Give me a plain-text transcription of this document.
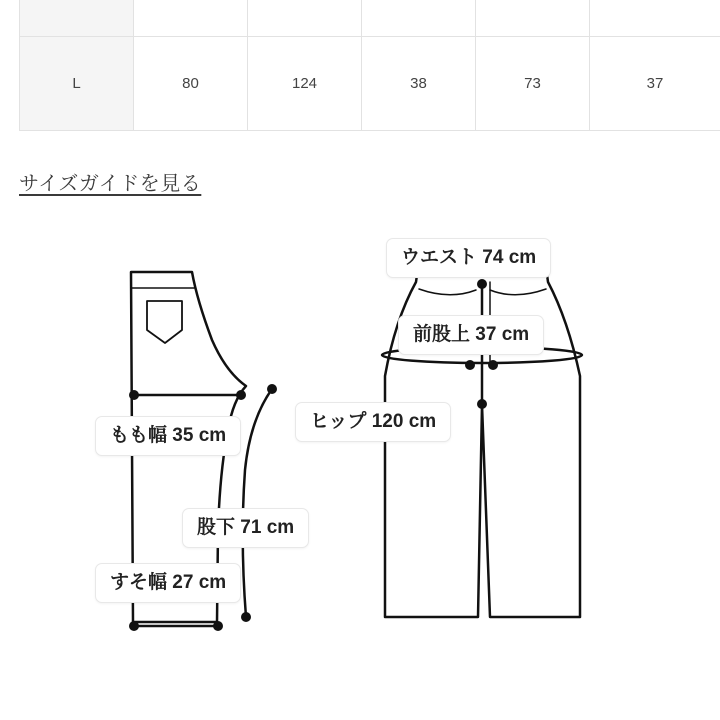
L	80	124	38	73	37
サイズガイドを見る
もも幅 35 cm
股下 71 cm
すそ幅 27 cm
ウエスト 74 cm
前股上 37 cm
ヒップ 120 cm
